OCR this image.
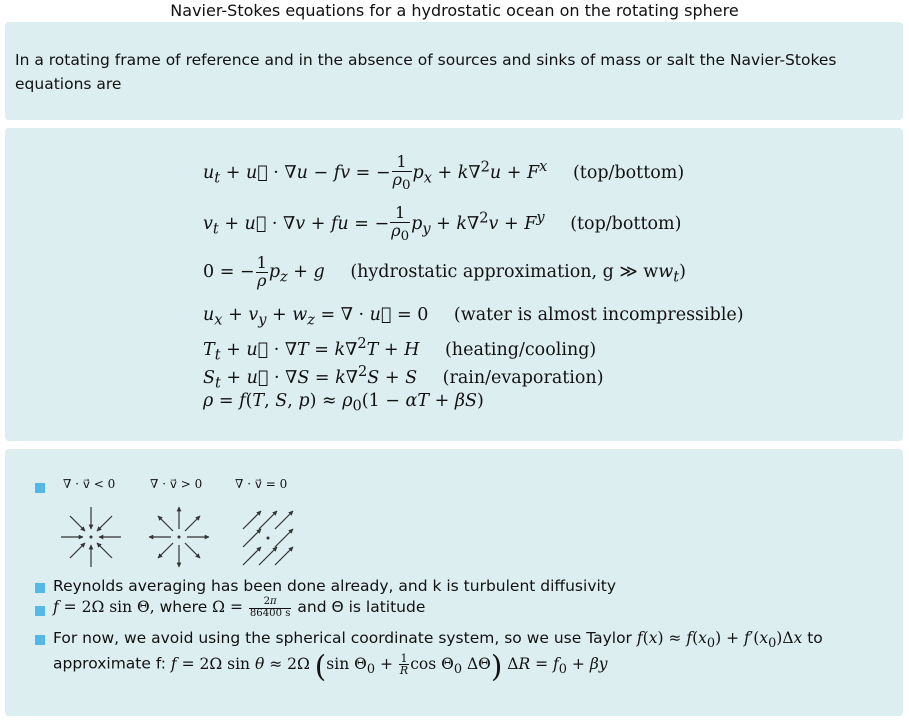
Navier-Stokes equations for a hydrostatic ocean on the rotating sphere
In a rotating frame of reference and in the absence of sources and sinks of mass or salt the Navier-Stokes equations are
$u_t$ + u⃗ · ∇u − fv = − $\frac{1}{\rho_0} p_x + k\nabla^2u + F^x$ (top/bottom)
$v_t$ + u⃗ · ∇v + fu = − $\frac{1}{\rho_0} p_y + k\nabla^2v + F^y$ (top/bottom)
0 = − $\frac{1}{\rho} p_z + g$ (hydrostatic approximation, g ≫ $ww_t$)
$u_x + v_y + w_z$ = ∇ · u⃗ = 0 (water is almost incompressible)
$T_t$ + u⃗ · ∇T = k∇$^2$T + H (heating/cooling)
$S_t$ + u⃗ · ∇S = k∇$^2$S + S (rain/evaporation)
ρ = f(T, S, $p) \approx \rho_0(1 - \alpha T + \beta S)$
∇ · v⃗ < 0	∇ · v⃗ > 0	∇ · v⃗ = 0
Reynolds averaging has been done already, and k is turbulent diffusivity
f = 2Ω sin Θ, where $\Omega = \frac{2\pi}{86400 s}$ and Θ is latitude
For now, we avoid using the spherical coordinate system, so we use Taylor $f(x) \approx f(x_0) + f'(x_0)\Delta x$ to
approximate f: f = 2Ω sin θ ≈ 2Ω (sin $\Theta_0 + \frac{1}{R}$ $\cos \Theta_0$ ΔΘ) $\Delta R = f_0 + \beta y$
